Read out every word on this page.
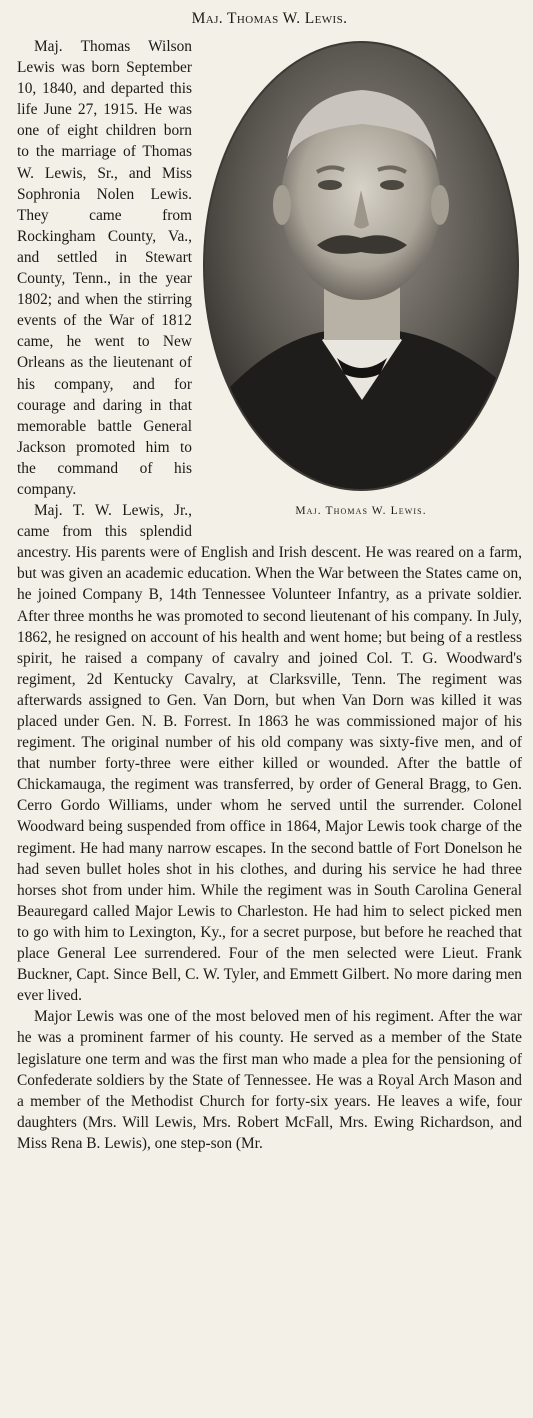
Maj. Thomas W. Lewis.
Maj. Thomas W. Lewis.

Maj. Thomas Wilson Lewis was born September 10, 1840, and departed this life June 27, 1915. He was one of eight children born to the marriage of Thomas W. Lewis, Sr., and Miss Sophronia Nolen Lewis. They came from Rockingham County, Va., and settled in Stewart County, Tenn., in the year 1802; and when the stirring events of the War of 1812 came, he went to New Orleans as the lieutenant of his company, and for courage and daring in that memorable battle General Jackson promoted him to the command of his company.

Maj. T. W. Lewis, Jr., came from this splendid ancestry. His parents were of English and Irish descent. He was reared on a farm, but was given an academic education. When the War between the States came on, he joined Company B, 14th Tennessee Volunteer Infantry, as a private soldier. After three months he was promoted to second lieutenant of his company. In July, 1862, he resigned on account of his health and went home; but being of a restless spirit, he raised a company of cavalry and joined Col. T. G. Woodward's regiment, 2d Kentucky Cavalry, at Clarksville, Tenn. The regiment was afterwards assigned to Gen. Van Dorn, but when Van Dorn was killed it was placed under Gen. N. B. Forrest. In 1863 he was commissioned major of his regiment. The original number of his old company was sixty-five men, and of that number forty-three were either killed or wounded. After the battle of Chickamauga, the regiment was transferred, by order of General Bragg, to Gen. Cerro Gordo Williams, under whom he served until the surrender. Colonel Woodward being suspended from office in 1864, Major Lewis took charge of the regiment. He had many narrow escapes. In the second battle of Fort Donelson he had seven bullet holes shot in his clothes, and during his service he had three horses shot from under him. While the regiment was in South Carolina General Beauregard called Major Lewis to Charleston. He had him to select picked men to go with him to Lexington, Ky., for a secret purpose, but before he reached that place General Lee surrendered. Four of the men selected were Lieut. Frank Buckner, Capt. Since Bell, C. W. Tyler, and Emmett Gilbert. No more daring men ever lived.

Major Lewis was one of the most beloved men of his regiment. After the war he was a prominent farmer of his county. He served as a member of the State legislature one term and was the first man who made a plea for the pensioning of Confederate soldiers by the State of Tennessee. He was a Royal Arch Mason and a member of the Methodist Church for forty-six years. He leaves a wife, four daughters (Mrs. Will Lewis, Mrs. Robert McFall, Mrs. Ewing Richardson, and Miss Rena B. Lewis), one step-son (Mr.
